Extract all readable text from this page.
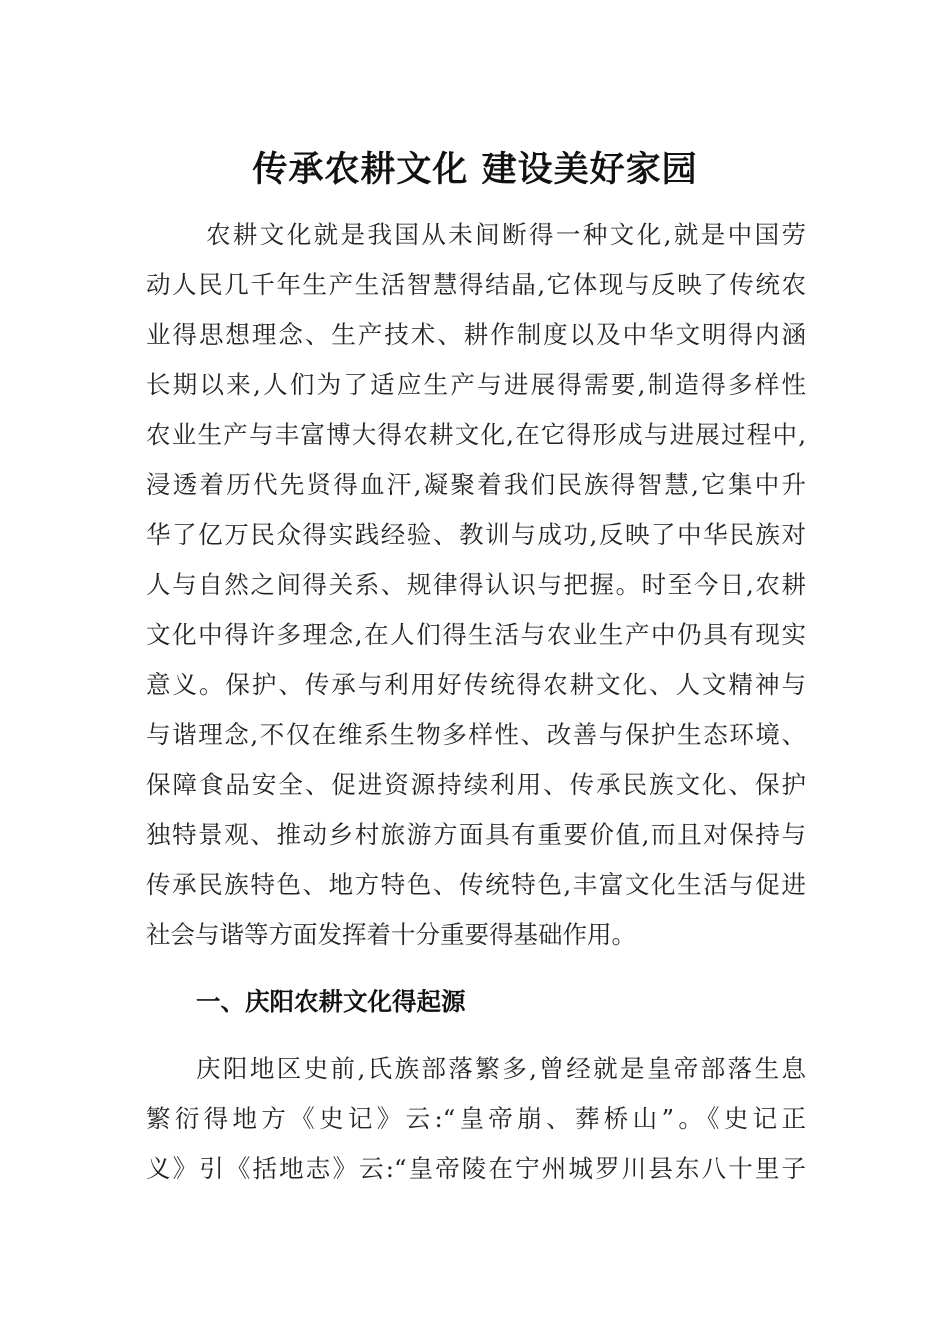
传承农耕文化 建设美好家园
农耕文化就是我国从未间断得一种文化,就是中国劳
动人民几千年生产生活智慧得结晶,它体现与反映了传统农
业得思想理念、生产技术、耕作制度以及中华文明得内涵
长期以来,人们为了适应生产与进展得需要,制造得多样性
农业生产与丰富博大得农耕文化,在它得形成与进展过程中,
浸透着历代先贤得血汗,凝聚着我们民族得智慧,它集中升
华了亿万民众得实践经验、教训与成功,反映了中华民族对
人与自然之间得关系、规律得认识与把握。时至今日,农耕
文化中得许多理念,在人们得生活与农业生产中仍具有现实
意义。保护、传承与利用好传统得农耕文化、人文精神与
与谐理念,不仅在维系生物多样性、改善与保护生态环境、
保障食品安全、促进资源持续利用、传承民族文化、保护
独特景观、推动乡村旅游方面具有重要价值,而且对保持与
传承民族特色、地方特色、传统特色,丰富文化生活与促进
社会与谐等方面发挥着十分重要得基础作用。
一、庆阳农耕文化得起源
庆阳地区史前,氏族部落繁多,曾经就是皇帝部落生息
繁衍得地方《史记》云:“皇帝崩、葬桥山”。《史记正
义》引《括地志》云:“皇帝陵在宁州城罗川县东八十里子
